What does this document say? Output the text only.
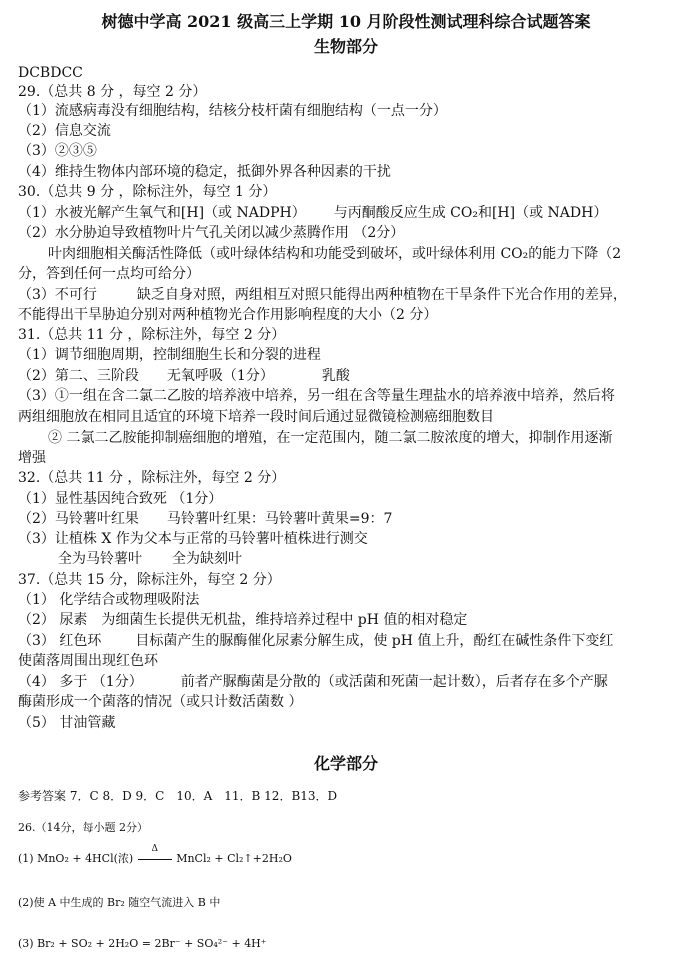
树德中学高 2021 级高三上学期 10 月阶段性测试理科综合试题答案
生物部分
DCBDCC
29.（总共 8 分 ，每空 2 分）
（1）流感病毒没有细胞结构，结核分枝杆菌有细胞结构（一点一分）
（2）信息交流
（3）②③⑤
（4）维持生物体内部环境的稳定，抵御外界各种因素的干扰
30.（总共 9 分 ，除标注外，每空 1 分）
（1）水被光解产生氧气和[H]（或 NADPH） 与丙酮酸反应生成 CO₂和[H]（或 NADH）
（2）水分胁迫导致植物叶片气孔关闭以减少蒸腾作用 （2分）
叶肉细胞相关酶活性降低（或叶绿体结构和功能受到破坏，或叶绿体利用 CO₂的能力下降（2
分，答到任何一点均可给分）
（3）不可行	缺乏自身对照，两组相互对照只能得出两种植物在干旱条件下光合作用的差异，
不能得出干旱胁迫分别对两种植物光合作用影响程度的大小（2 分）
31.（总共 11 分 ，除标注外，每空 2 分）
（1）调节细胞周期，控制细胞生长和分裂的进程
（2）第二、三阶段 无氧呼吸（1分）	乳酸
（3）①一组在含二氯二乙胺的培养液中培养，另一组在含等量生理盐水的培养液中培养，然后将
两组细胞放在相同且适宜的环境下培养一段时间后通过显微镜检测癌细胞数目
② 二氯二乙胺能抑制癌细胞的增殖，在一定范围内，随二氯二胺浓度的增大，抑制作用逐渐
增强
32.（总共 11 分 ，除标注外，每空 2 分）
（1）显性基因纯合致死 （1分）
（2）马铃薯叶红果 马铃薯叶红果：马铃薯叶黄果=9：7
（3）让植株 X 作为父本与正常的马铃薯叶植株进行测交
全为马铃薯叶 全为缺刻叶
37.（总共 15 分，除标注外，每空 2 分）
（1） 化学结合或物理吸附法
（2） 尿素 为细菌生长提供无机盐，维持培养过程中 pH 值的相对稳定
（3） 红色环 目标菌产生的脲酶催化尿素分解生成，使 pH 值上升，酚红在碱性条件下变红
使菌落周围出现红色环
（4） 多于 （1分）	前者产脲酶菌是分散的（或活菌和死菌一起计数），后者存在多个产脲
酶菌形成一个菌落的情况（或只计数活菌数 ）
（5） 甘油管藏
化学部分
参考答案 7．C 8．D 9．C　10．A　11．B 12．B13．D
26.（14分，每小题 2分）
(1) MnO₂ + 4HCl(浓)
Δ
MnCl₂ + Cl₂↑+2H₂O
(2)使 A 中生成的 Br₂ 随空气流进入 B 中
(3) Br₂ + SO₂ + 2H₂O = 2Br⁻ + SO₄²⁻ + 4H⁺
